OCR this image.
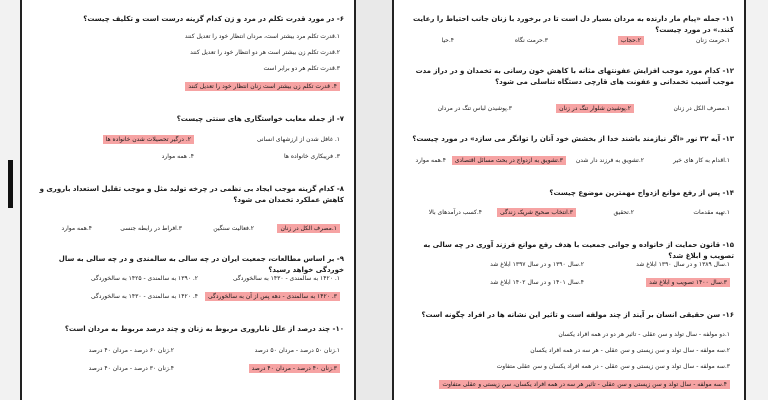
۶- در مورد قدرت تکلم در مرد و زن کدام گزینه درست است و تکلیف چیست؟
۱.قدرت تکلم مرد بیشتر است، مردان انتظار خود را تعدیل کنند
۲.قدرت تکلم زن بیشتر است هر دو انتظار خود را تعدیل کنند
۳.قدرت تکلم هر دو برابر است
۴. قدرت تکلم زن بیشتر است زنان انتظار خود را تعدیل کنند
۷- از جمله معایب خواستگاری های سنتی چیست؟
۱. غافل شدن از ارزشهای انسانی
۲. درگیر تحصیلات شدن خانواده ها
۳. فریبکاری خانواده ها
۴. همه موارد
۸- کدام گزینه موجب ایجاد بی نظمی در چرخه تولید مثل و موجب تقلیل استعداد باروری و کاهش عملکرد تخمدان می شود؟
۱.مصرف الکل در زنان
۲.فعالیت سنگین
۳.افراط در رابطه جنسی
۴.همه موارد
۹- بر اساس مطالعات، جمعیت ایران در چه سالی به سالمندی و در چه سالی به سال خوردگی خواهد رسید؟
۱. ۱۴۲۰ به سالمندی - ۱۴۳۰ به سالخوردگی
۲. ۱۳۹۰ به سالمندی - ۱۴۲۵ به سالخوردگی
۳. ۱۴۲۰ به سالمندی - دهه پس از آن به سالخوردگی
۴. ۱۴۲۰ به سالمندی - ۱۴۳۰ به سالخوردگی
۱۰- چند درصد از علل ناباروری مربوط به زنان و چند درصد مربوط به مردان است؟
۱.زنان ۵۰ درصد - مردان ۵۰ درصد
۲.زنان ۶۰ درصد - مردان ۴۰ درصد
۳.زنان ۴۰ درصد - مردان ۴۰ درصد
۴.زنان ۳۰ درصد - مردان ۴۰ درصد
۱۱- جمله «پیام مار دارنده به مردان بسیار دل است تا در برخورد با زنان جانب احتیاط را رعایت کنند.» در مورد چیست؟
۱.حرمت زنان
۲.حجاب
۳.حرمت نگاه
۴.حیا
۱۲- کدام مورد موجب افزایش عفونتهای مثانه با کاهش خون رسانی به تخمدان و در دراز مدت موجب آسیب تخمدانی و عفونت های قارچی دستگاه تناسلی می شود؟
۱.مصرف الکل در زنان
۲.پوشیدن شلوار تنگ در زنان
۳.پوشیدن لباس تنگ در مردان
۱۳- آیه ۳۲ نور «اگر نیازمند باشند خدا از بخشش خود آنان را توانگر می سازد» در مورد چیست؟
۱.اقدام به کار های خیر
۲.تشویق به فرزند دار شدن
۳.تشویق به ازدواج در بحث مسائل اقتصادی
۴.همه موارد
۱۴- پس از رفع موانع ازدواج مهمترین موضوع چیست؟
۱.تهیه مقدمات
۲.تحقیق
۳.انتخاب صحیح شریک زندگی
۴.کسب درآمدهای بالا
۱۵- قانون حمایت از خانواده و جوانی جمعیت با هدف رفع موانع فرزند آوری در چه سالی به تصویب و ابلاغ شد؟
۱.سال ۱۳۸۹ و در سال ۱۳۹۰ ابلاغ شد
۲.سال ۱۳۹۰ و در سال ۱۳۹۷ ابلاغ شد
۳.سال ۱۴۰۰ تصویب و ابلاغ شد
۴.سال ۱۴۰۱ و در سال ۱۴۰۲ ابلاغ شد
۱۶- سن حقیقی انسان بر آیند از چند مولفه است و تاثیر این نشانه ها در افراد چگونه است؟
۱.دو مولفه - سال تولد و سن عقلی - تاثیر هر دو در همه افراد یکسان
۲.سه مولفه - سال تولد و سن زیستی و سن عقلی - هر سه در همه افراد یکسان
۳.سه مولفه - سال تولد و سن زیستی و سن عقلی - در همه افراد یکسان و سن عقلی متفاوت
۴.سه مولفه - سال تولد و سن زیستی و سن عقلی - تاثیر هر سه در همه افراد یکسان، سن زیستی و عقلی متفاوت
